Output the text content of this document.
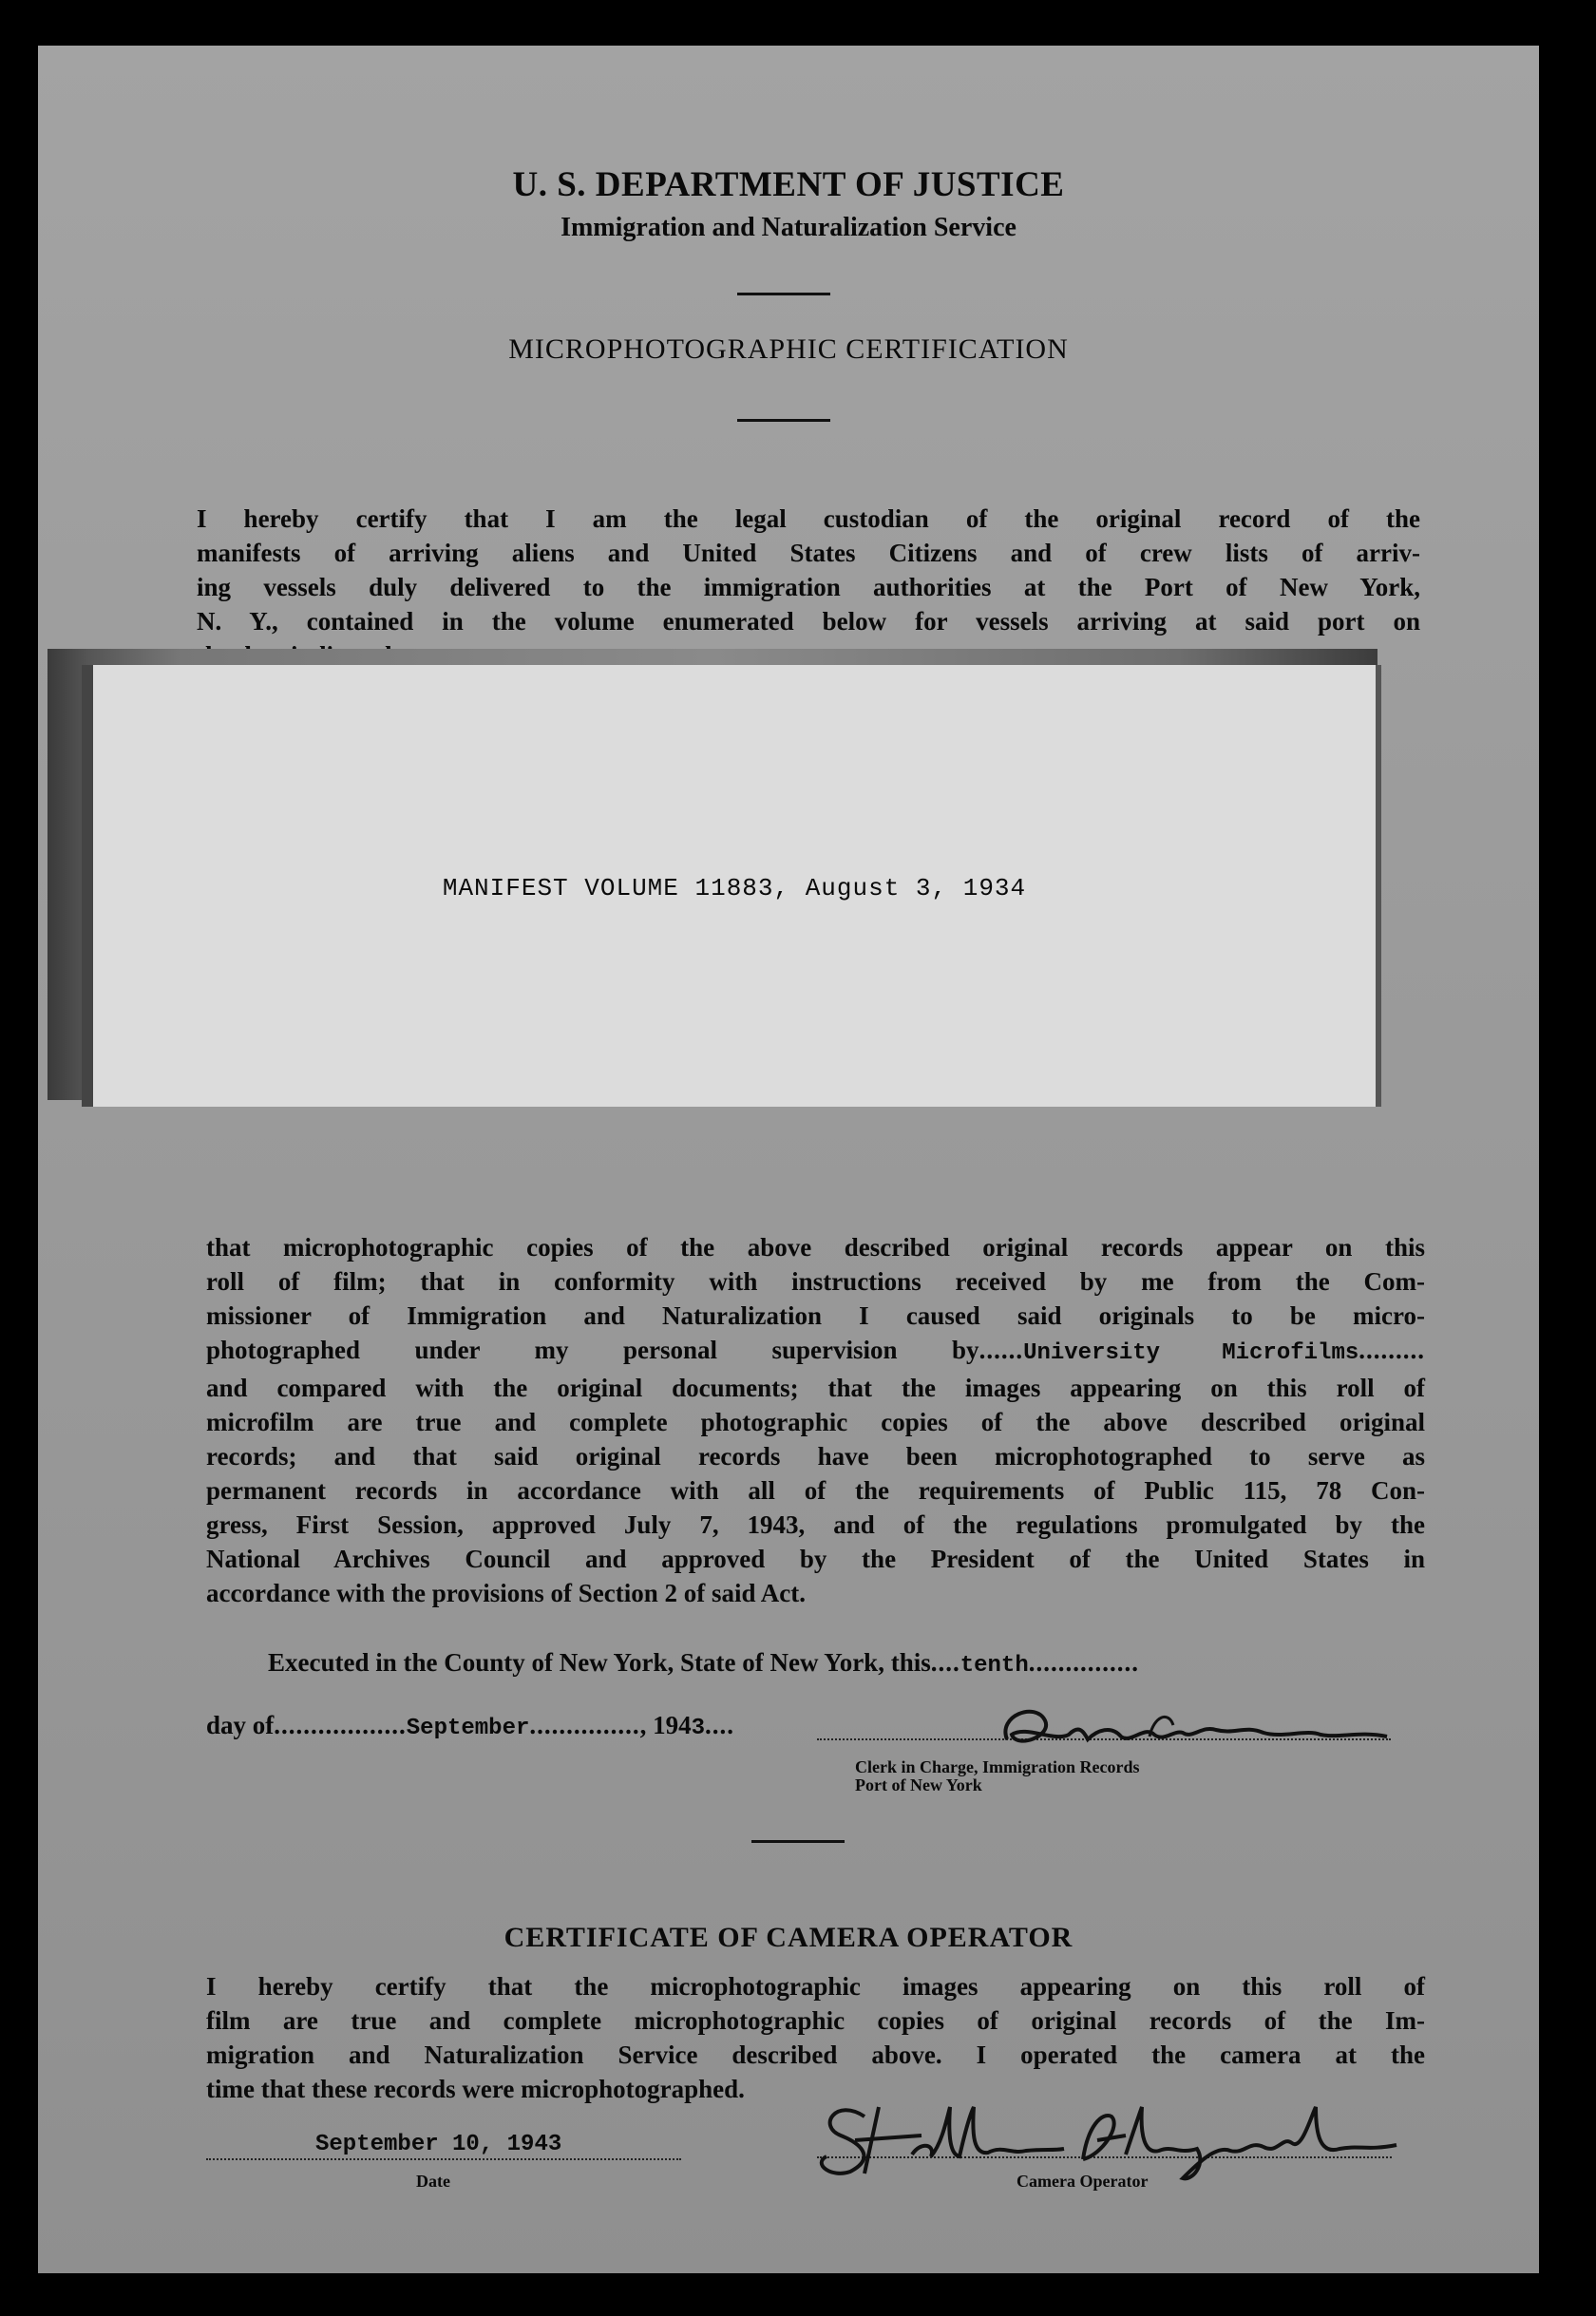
U. S. DEPARTMENT OF JUSTICE
Immigration and Naturalization Service
MICROPHOTOGRAPHIC CERTIFICATION

I hereby certify that I am the legal custodian of the original record of the
manifests of arriving aliens and United States Citizens and of crew lists of arriv-
ing vessels duly delivered to the immigration authorities at the Port of New York,
N. Y., contained in the volume enumerated below for vessels arriving at said port on

MANIFEST VOLUME 11883, August 3, 1934

that microphotographic copies of the above described original records appear on this
roll of film; that in conformity with instructions received by me from the Com-
missioner of Immigration and Naturalization I caused said originals to be micro-
photographed under my personal supervision by......University Microfilms.........
and compared with the original documents; that the images appearing on this roll of
microfilm are true and complete photographic copies of the above described original
records; and that said original records have been microphotographed to serve as
permanent records in accordance with all of the requirements of Public 115, 78 Con-
gress, First Session, approved July 7, 1943, and of the regulations promulgated by the
National Archives Council and approved by the President of the United States in
accordance with the provisions of Section 2 of said Act.

Executed in the County of New York, State of New York, this....tenth...............
day of..................September..............., 1943....
Clerk in Charge, Immigration Records
Port of New York
CERTIFICATE OF CAMERA OPERATOR

I hereby certify that the microphotographic images appearing on this roll of
film are true and complete microphotographic copies of original records of the Im-
migration and Naturalization Service described above. I operated the camera at the
time that these records were microphotographed.

September 10, 1943
Date	Camera Operator
